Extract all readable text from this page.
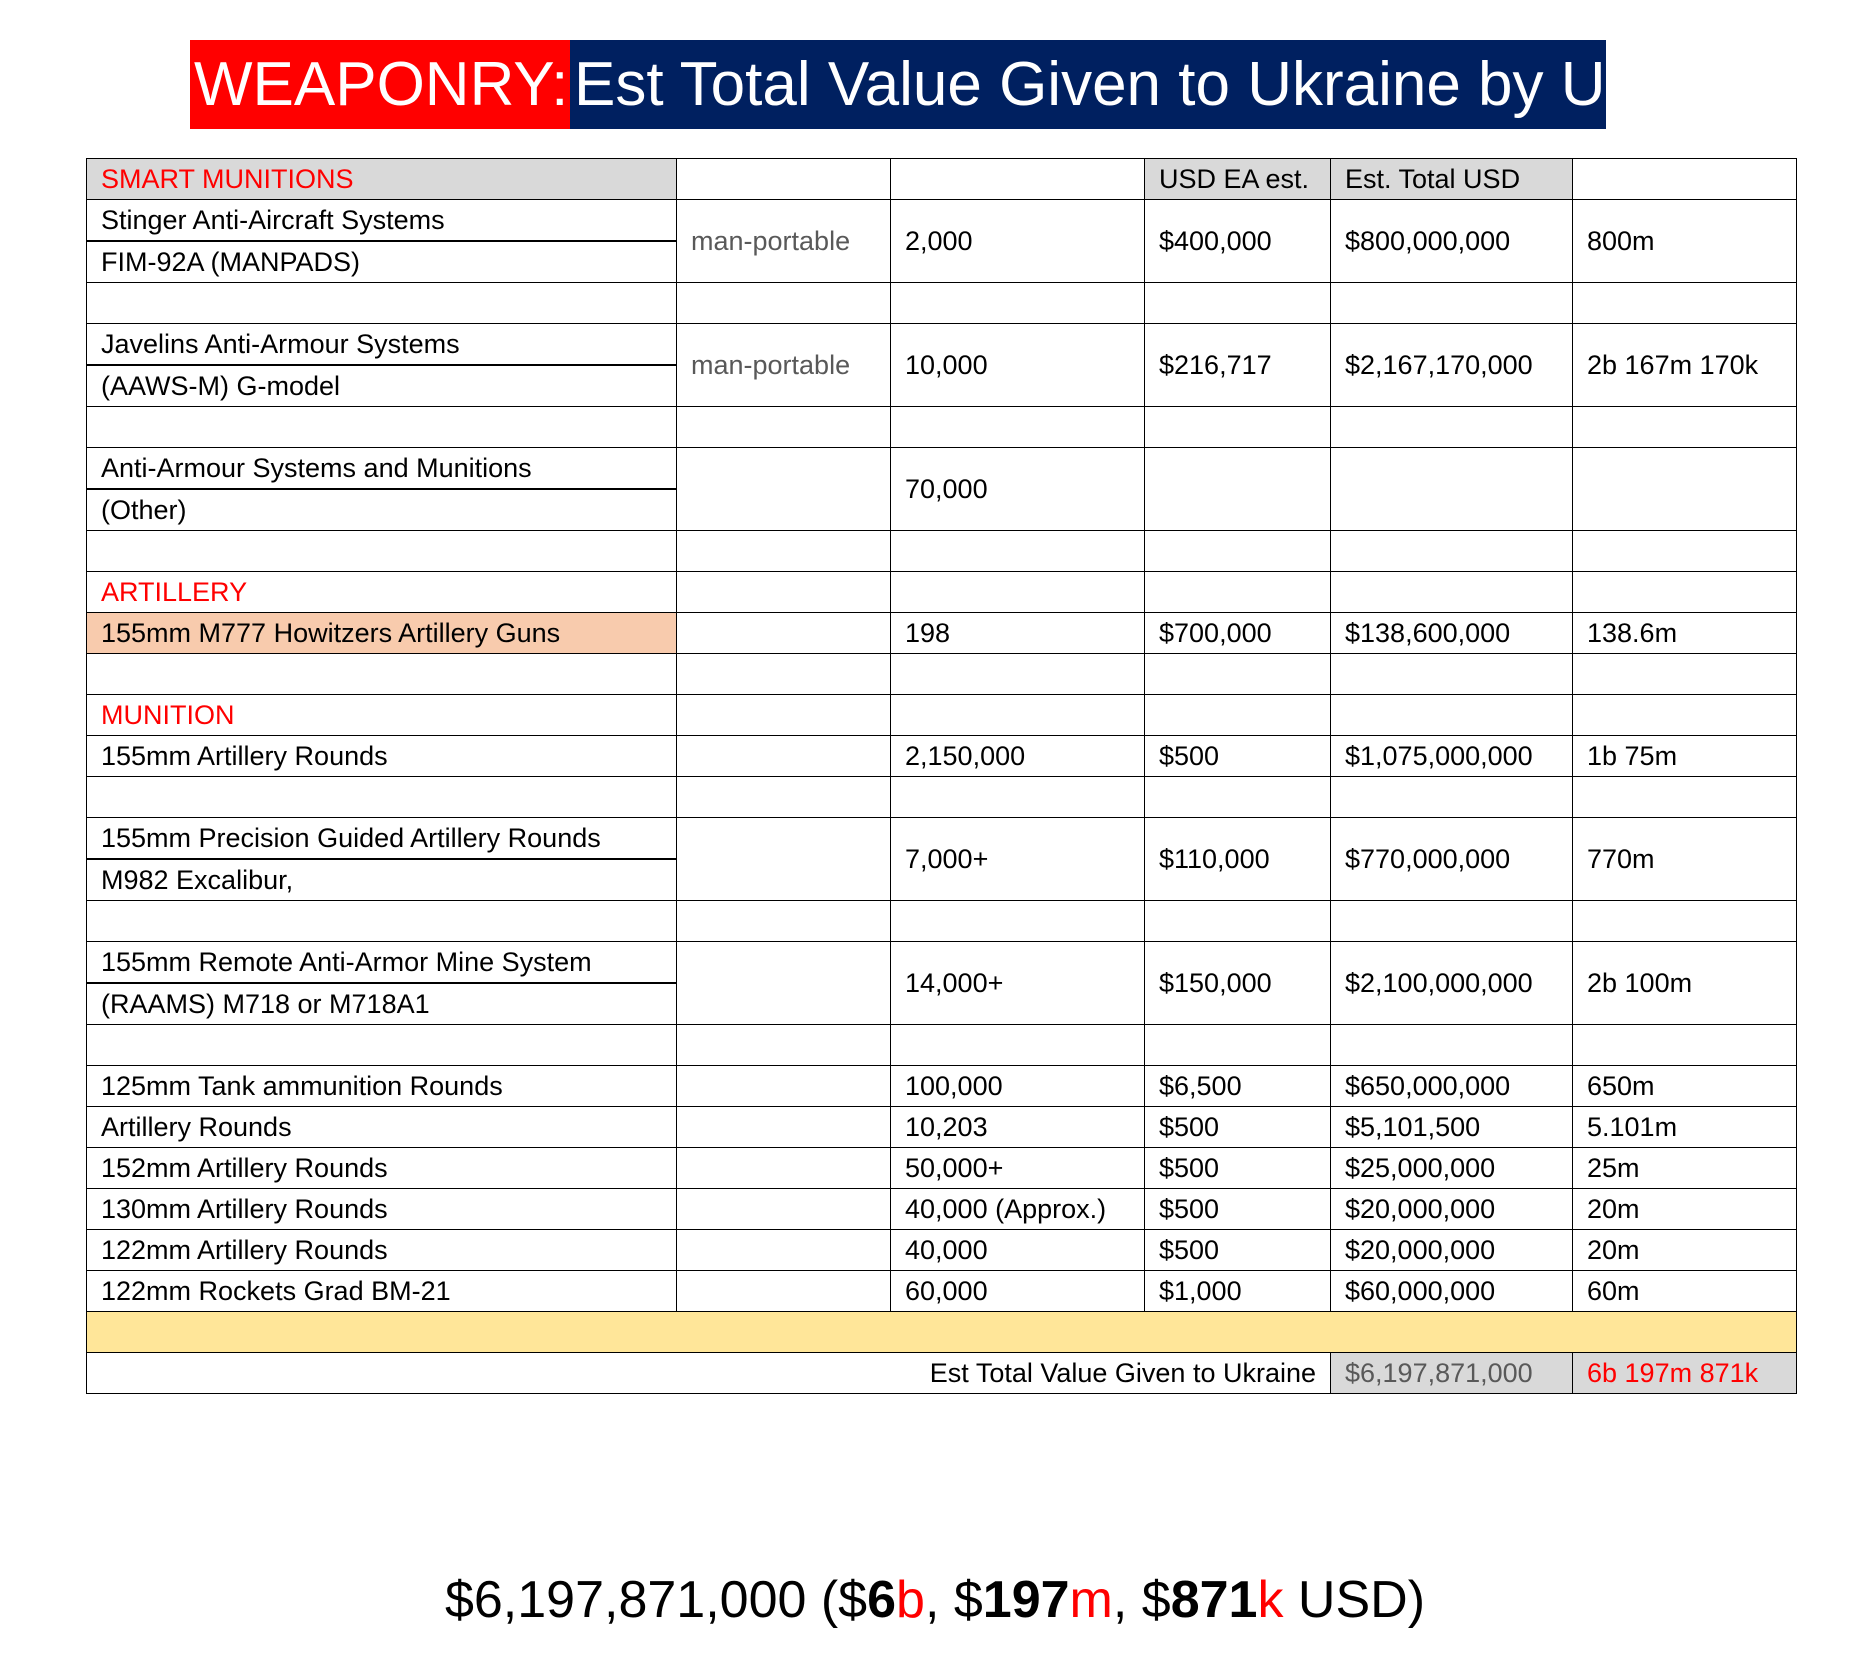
WEAPONRY: Est Total Value Given to Ukraine by US.
SMART MUNITIONS			USD EA est.	Est. Total USD	
Stinger Anti-Aircraft Systems	man-portable	2,000	$400,000	$800,000,000	800m
FIM-92A (MANPADS)					

Javelins Anti-Armour Systems	man-portable	10,000	$216,717	$2,167,170,000	2b 167m 170k
(AAWS-M) G-model					

Anti-Armour Systems and Munitions		70,000			
(Other)					

ARTILLERY					
155mm M777 Howitzers Artillery Guns		198	$700,000	$138,600,000	138.6m

MUNITION					
155mm Artillery Rounds		2,150,000	$500	$1,075,000,000	1b 75m

155mm Precision Guided Artillery Rounds		7,000+	$110,000	$770,000,000	770m
M982 Excalibur,					

155mm Remote Anti-Armor Mine System		14,000+	$150,000	$2,100,000,000	2b 100m
(RAAMS) M718 or M718A1					

125mm Tank ammunition Rounds		100,000	$6,500	$650,000,000	650m
Artillery Rounds		10,203	$500	$5,101,500	5.101m
152mm Artillery Rounds		50,000+	$500	$25,000,000	25m
130mm Artillery Rounds		40,000 (Approx.)	$500	$20,000,000	20m
122mm Artillery Rounds		40,000	$500	$20,000,000	20m
122mm Rockets Grad BM-21		60,000	$1,000	$60,000,000	60m

Est Total Value Given to Ukraine				$6,197,871,000	6b 197m 871k
$6,197,871,000 ($6b, $197m, $871k USD)
